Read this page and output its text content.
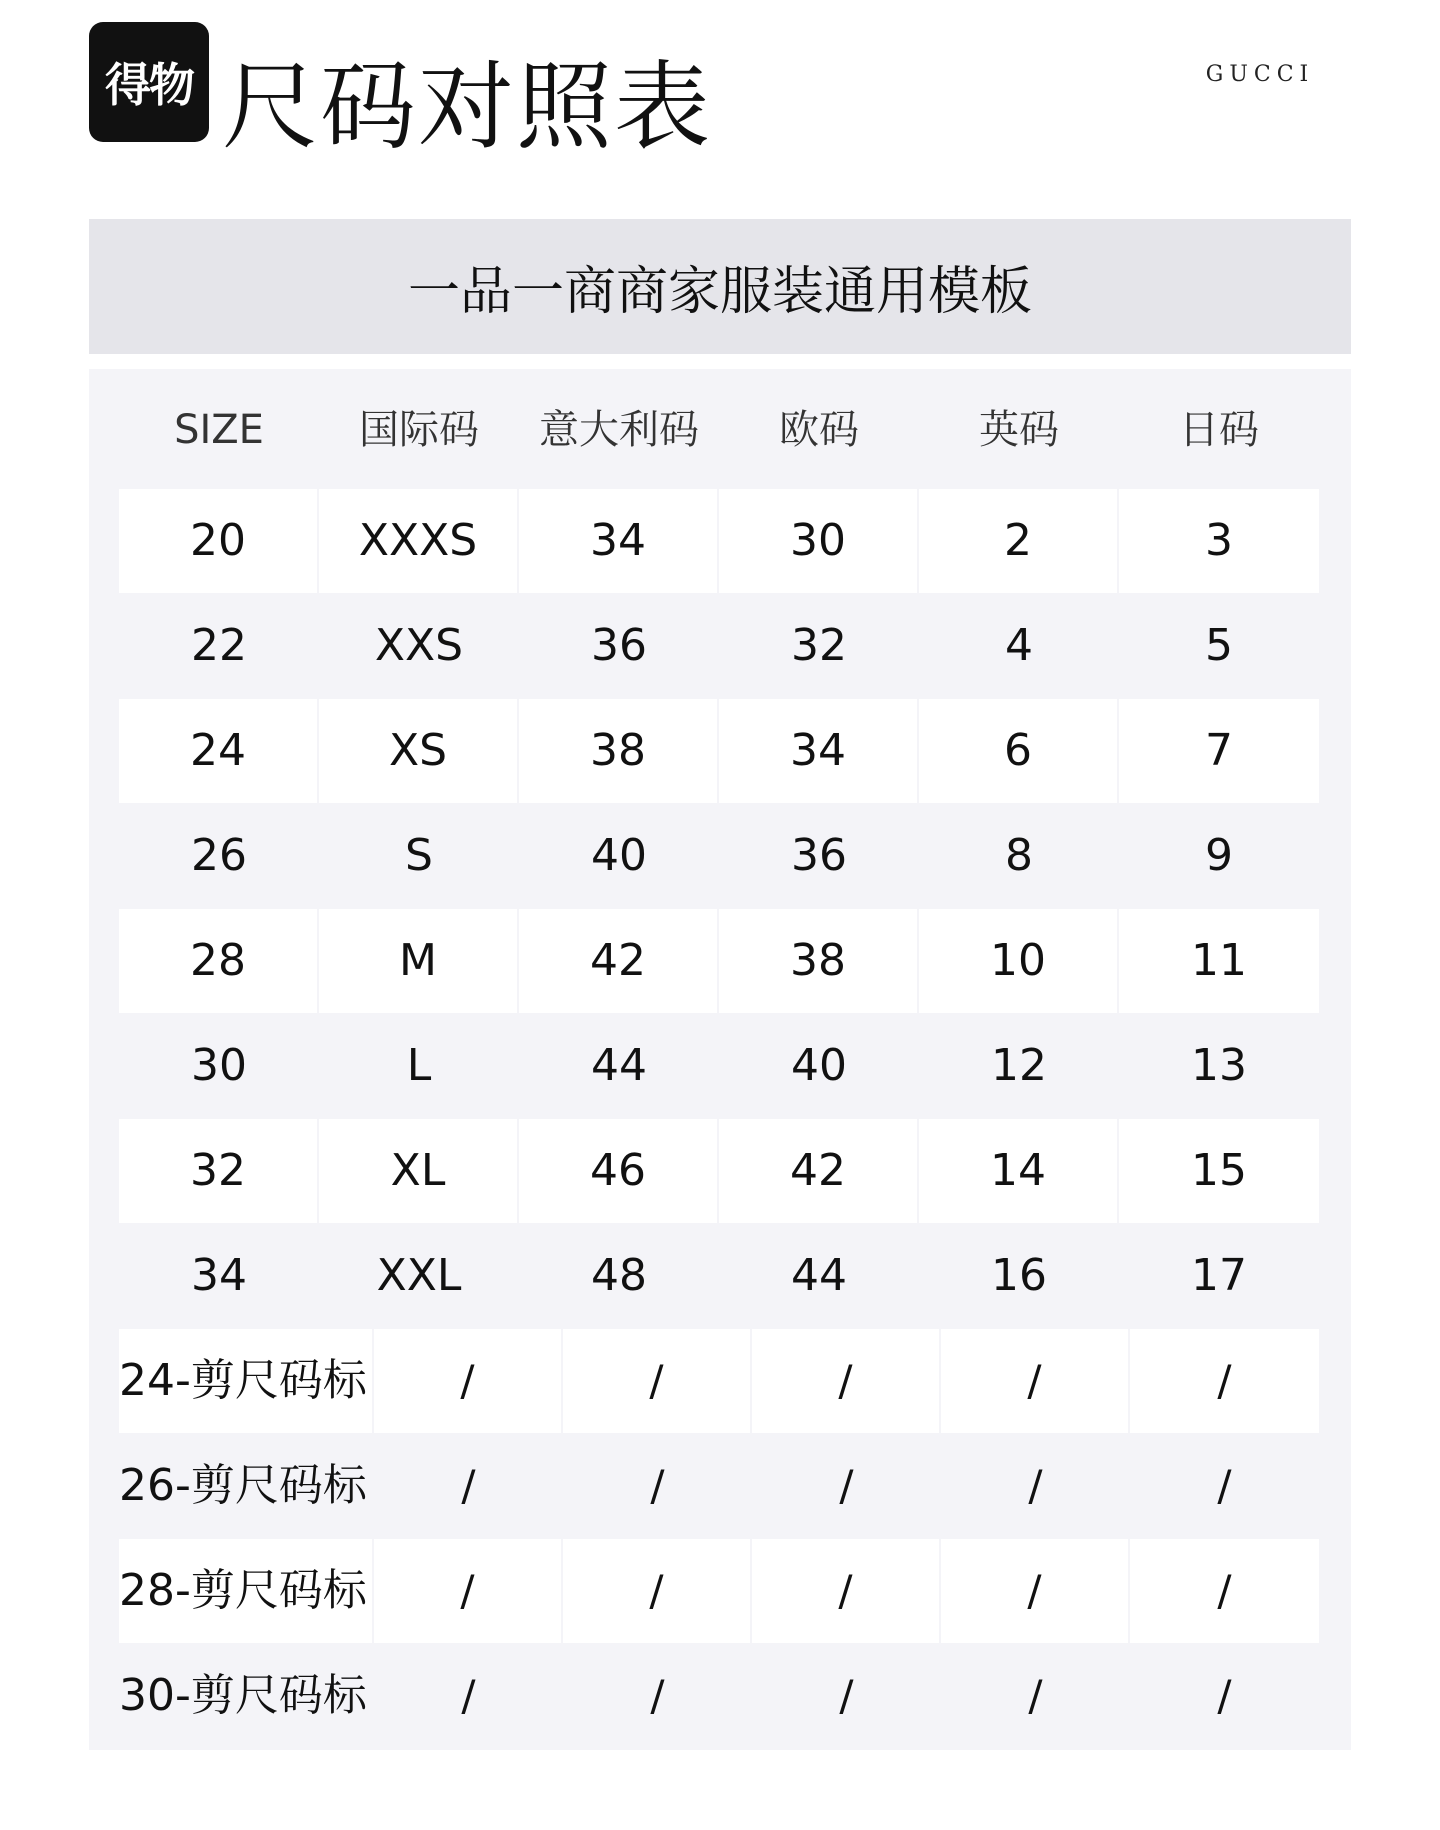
得物 尺码对照表	GUCCI
一品一商商家服装通用模板
SIZE	国际码	意大利码	欧码	英码	日码
20	XXXS	34	30	2	3
22	XXS	36	32	4	5
24	XS	38	34	6	7
26	S	40	36	8	9
28	M	42	38	10	11
30	L	44	40	12	13
32	XL	46	42	14	15
34	XXL	48	44	16	17
24-剪尺码标	/	/	/	/	/
26-剪尺码标	/	/	/	/	/
28-剪尺码标	/	/	/	/	/
30-剪尺码标	/	/	/	/	/
